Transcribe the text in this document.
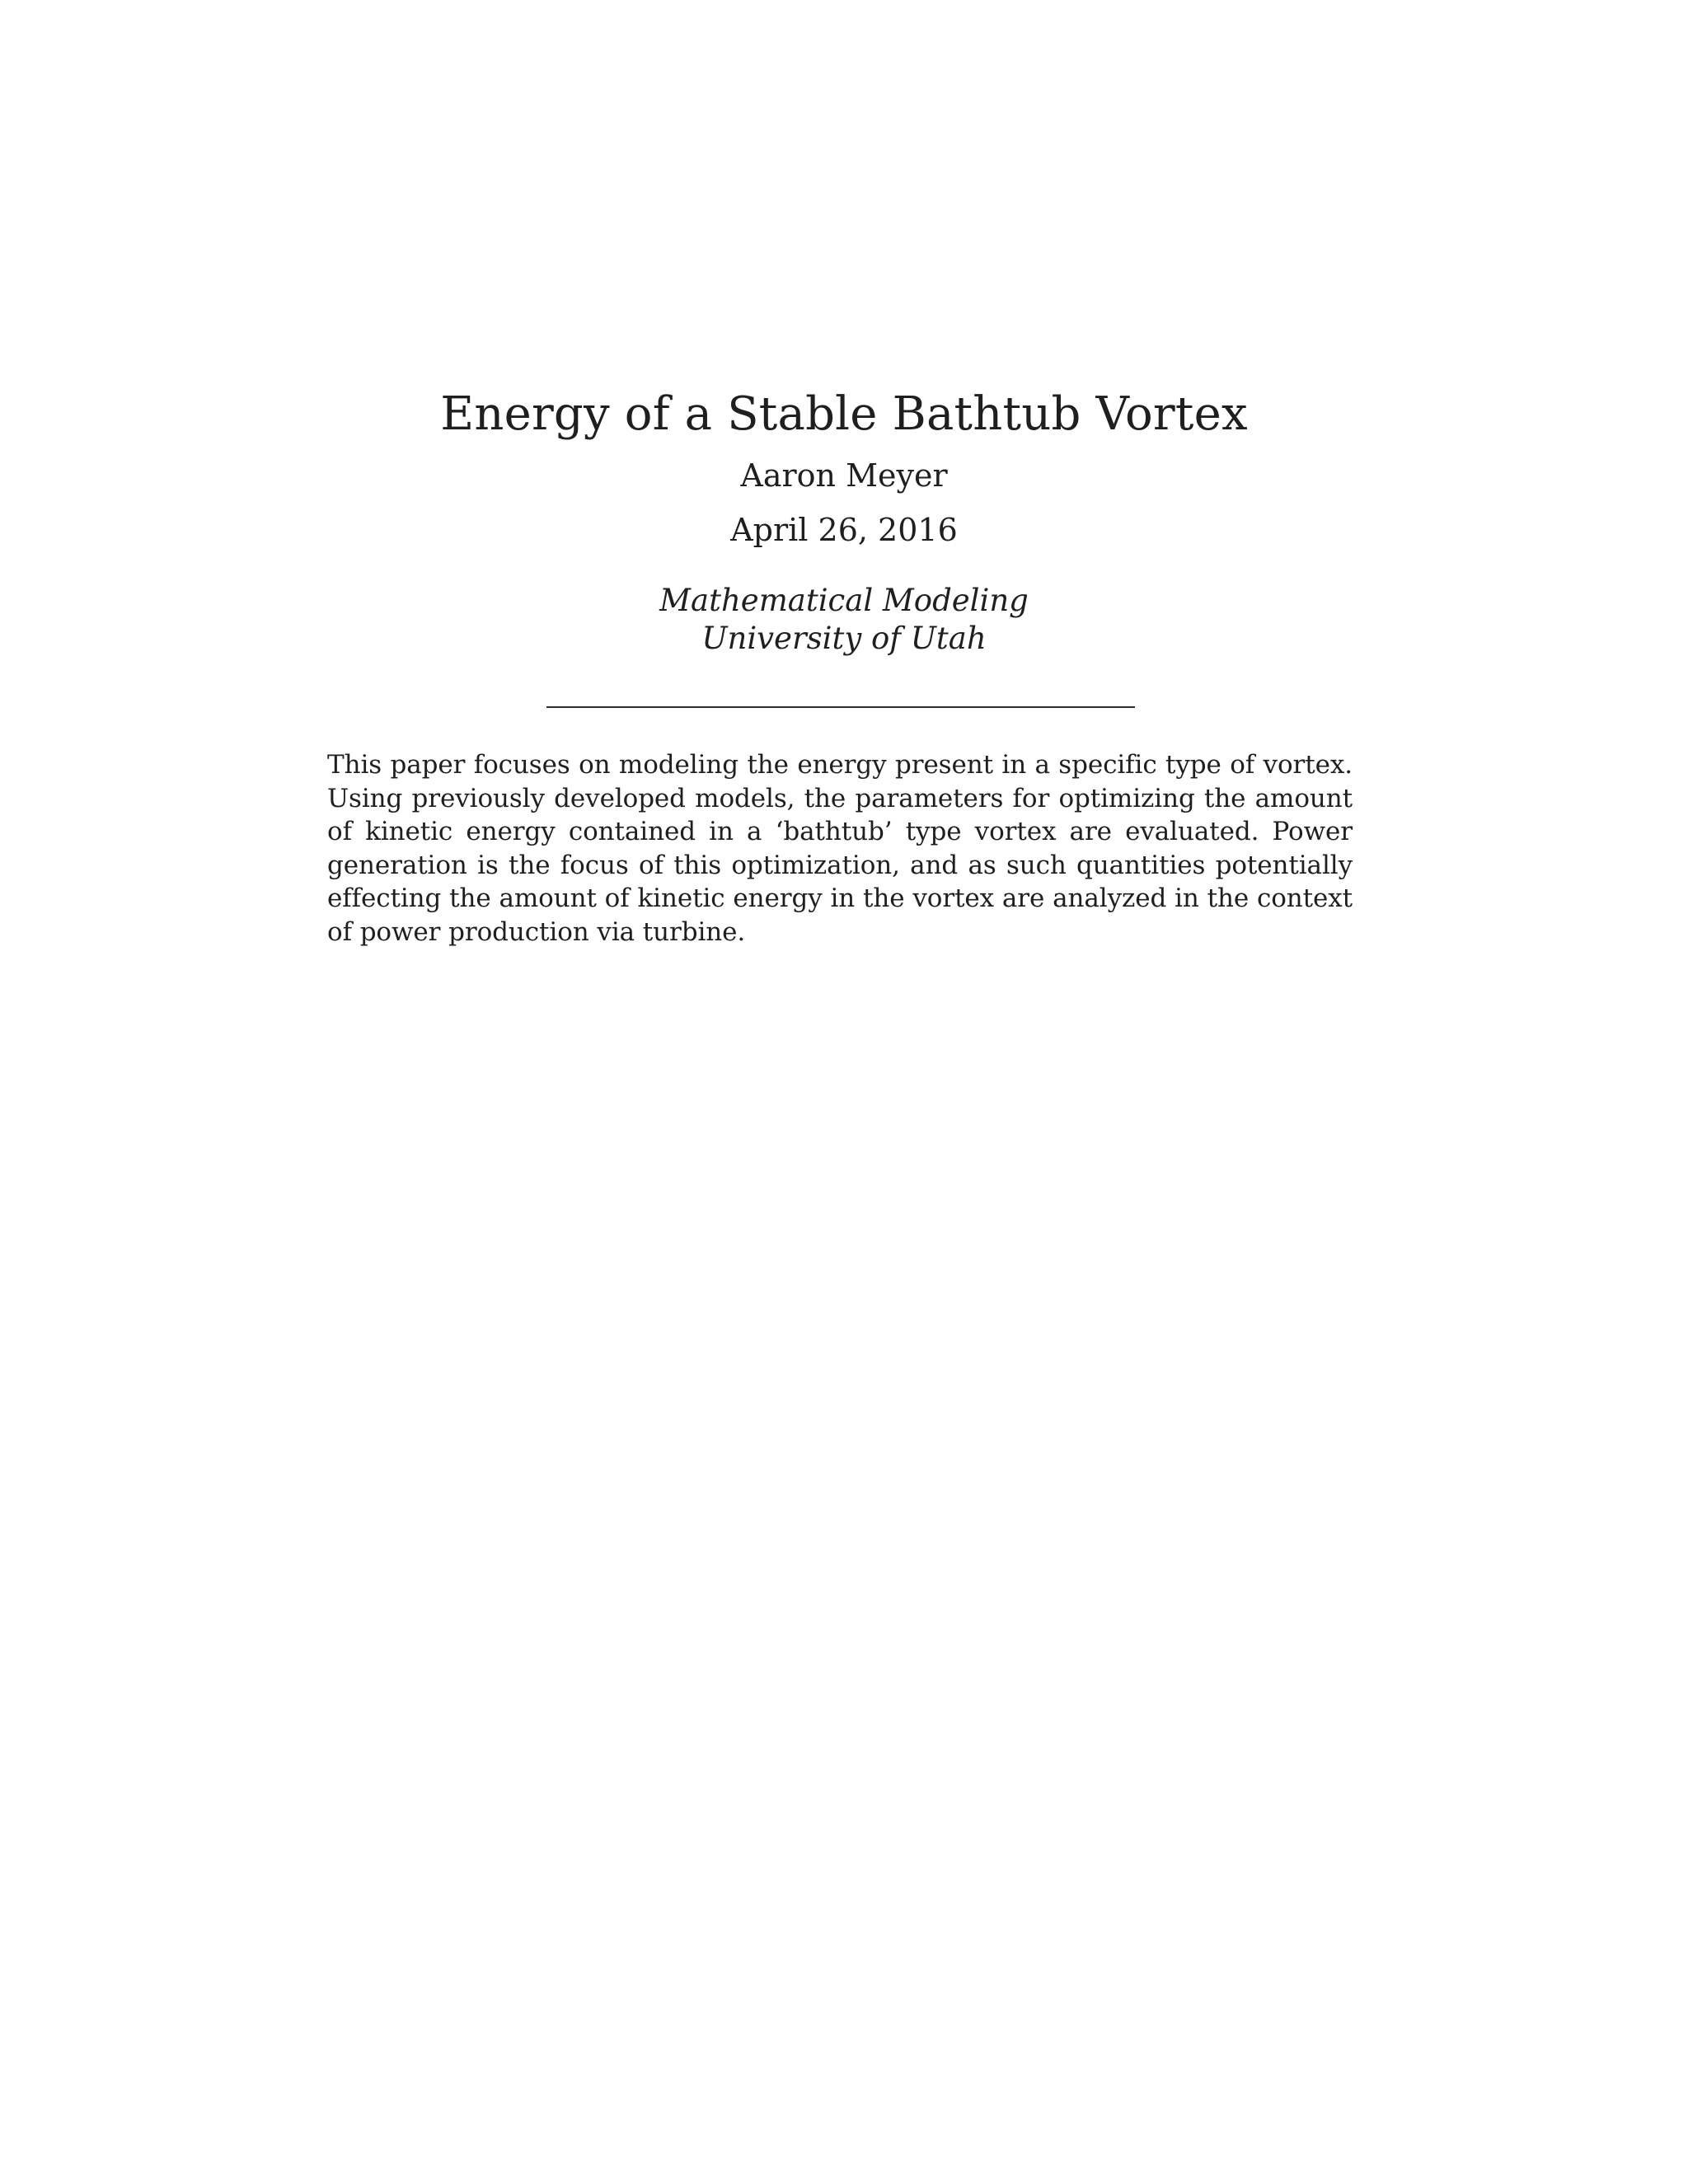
Energy of a Stable Bathtub Vortex
Aaron Meyer
April 26, 2016
Mathematical Modeling
University of Utah

This paper focuses on modeling the energy present in a specific type of vortex. Using previously developed models, the parameters for optimizing the amount of kinetic energy contained in a ‘bathtub’ type vortex are evaluated. Power generation is the focus of this optimization, and as such quantities potentially effecting the amount of kinetic energy in the vortex are analyzed in the context of power production via turbine.
